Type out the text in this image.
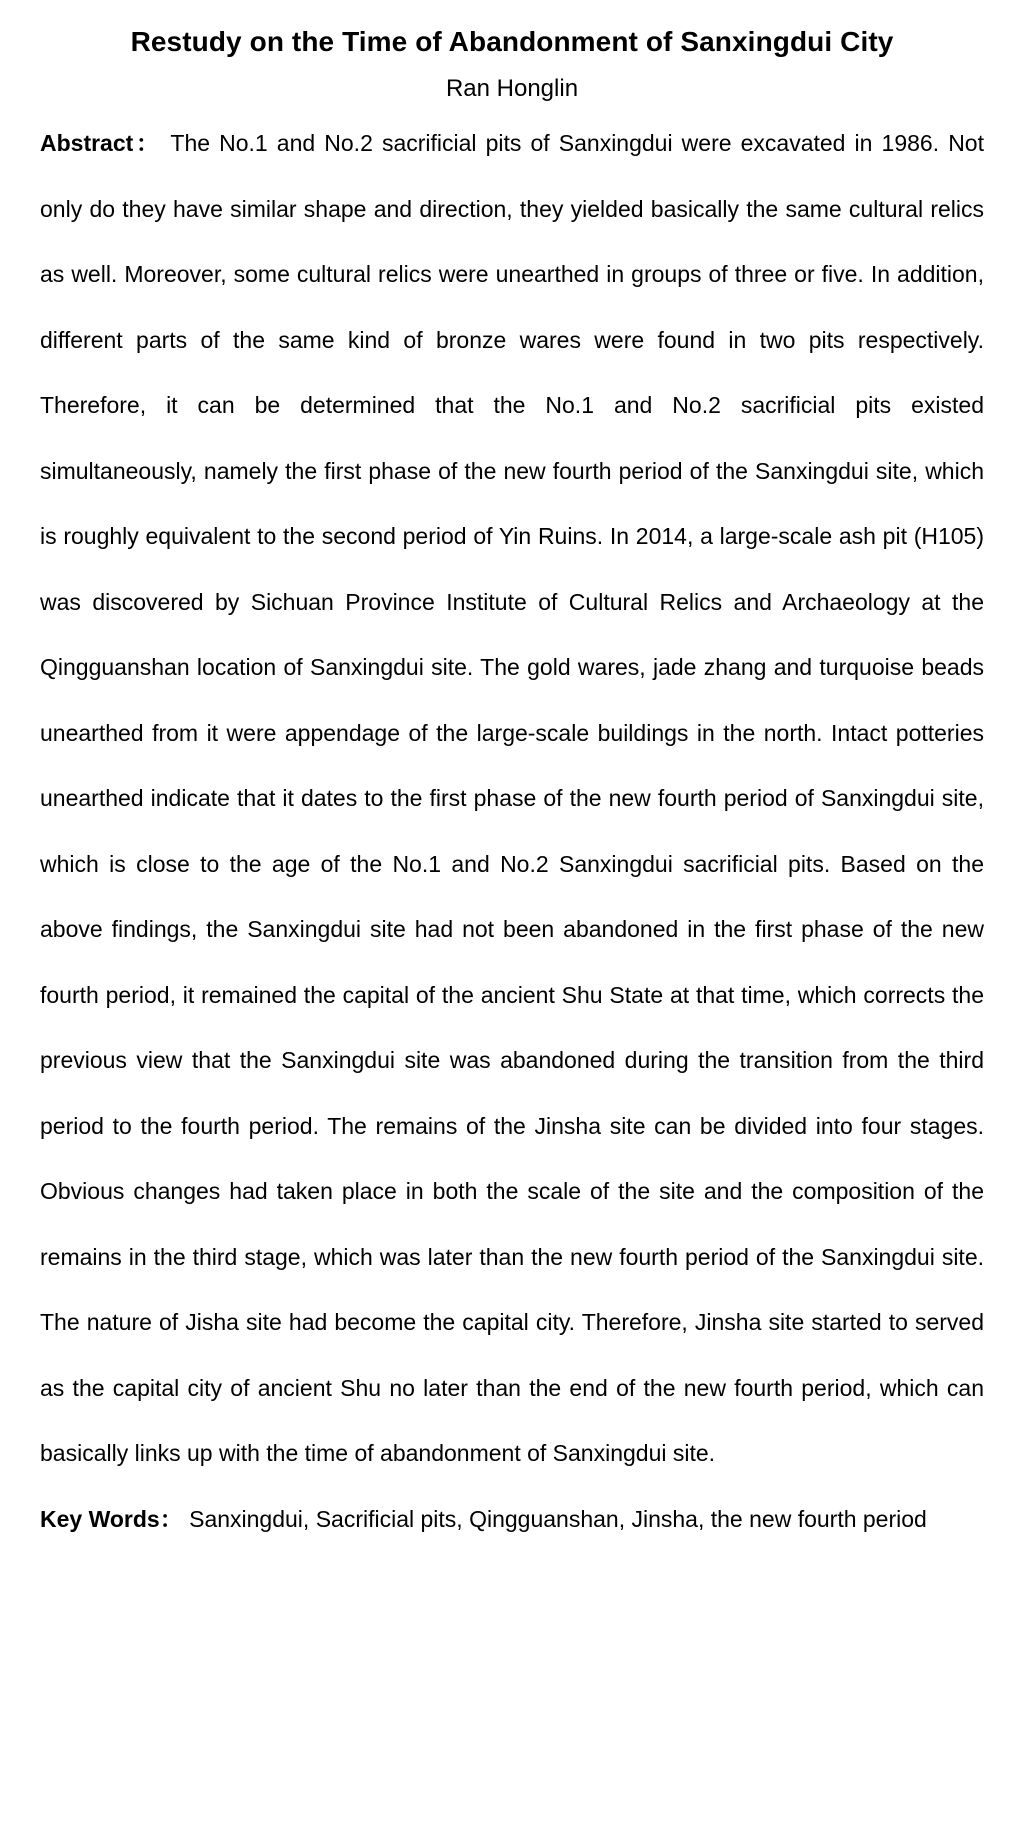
Restudy on the Time of Abandonment of Sanxingdui City
Ran Honglin

Abstract： The No.1 and No.2 sacrificial pits of Sanxingdui were excavated in 1986. Not only do they have similar shape and direction, they yielded basically the same cultural relics as well. Moreover, some cultural relics were unearthed in groups of three or five. In addition, different parts of the same kind of bronze wares were found in two pits respectively. Therefore, it can be determined that the No.1 and No.2 sacrificial pits existed simultaneously, namely the first phase of the new fourth period of the Sanxingdui site, which is roughly equivalent to the second period of Yin Ruins. In 2014, a large-scale ash pit (H105) was discovered by Sichuan Province Institute of Cultural Relics and Archaeology at the Qingguanshan location of Sanxingdui site. The gold wares, jade zhang and turquoise beads unearthed from it were appendage of the large-scale buildings in the north. Intact potteries unearthed indicate that it dates to the first phase of the new fourth period of Sanxingdui site, which is close to the age of the No.1 and No.2 Sanxingdui sacrificial pits. Based on the above findings, the Sanxingdui site had not been abandoned in the first phase of the new fourth period, it remained the capital of the ancient Shu State at that time, which corrects the previous view that the Sanxingdui site was abandoned during the transition from the third period to the fourth period. The remains of the Jinsha site can be divided into four stages. Obvious changes had taken place in both the scale of the site and the composition of the remains in the third stage, which was later than the new fourth period of the Sanxingdui site. The nature of Jisha site had become the capital city. Therefore, Jinsha site started to served as the capital city of ancient Shu no later than the end of the new fourth period, which can basically links up with the time of abandonment of Sanxingdui site.

Key Words： Sanxingdui, Sacrificial pits, Qingguanshan, Jinsha, the new fourth period
